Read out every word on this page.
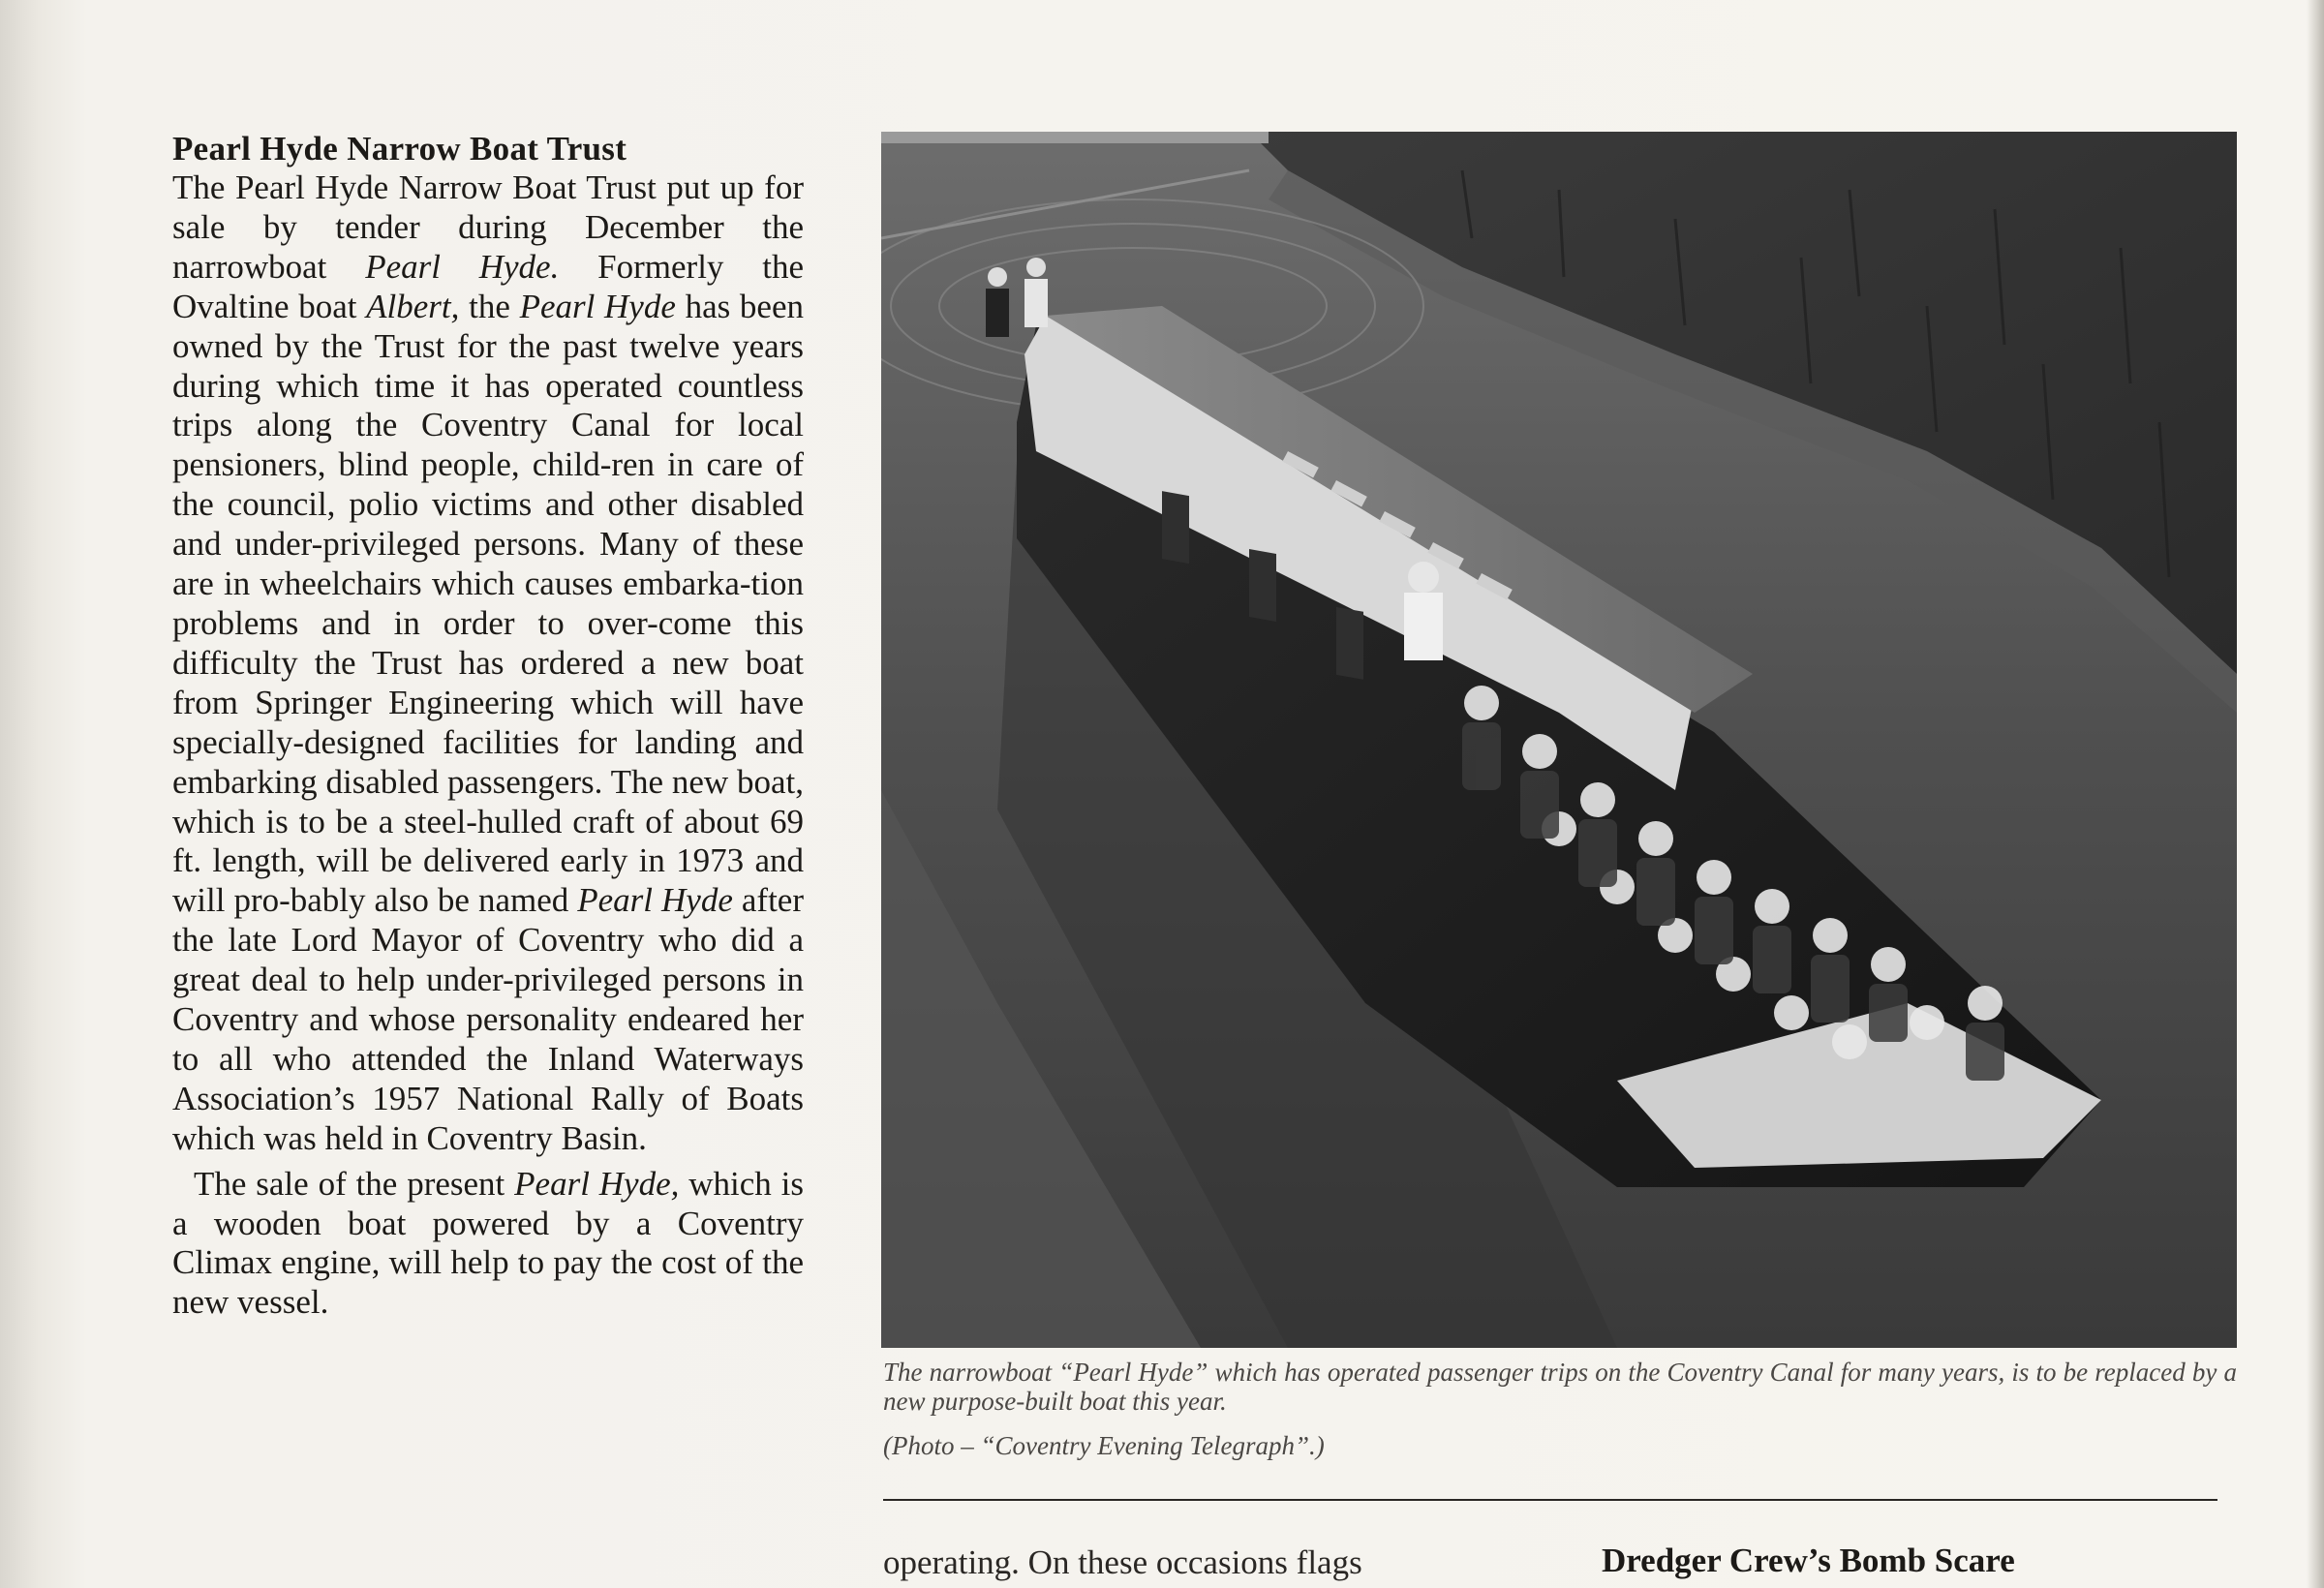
Pearl Hyde Narrow Boat Trust

The Pearl Hyde Narrow Boat Trust put up for sale by tender during December the narrowboat Pearl Hyde. Formerly the Ovaltine boat Albert, the Pearl Hyde has been owned by the Trust for the past twelve years during which time it has operated countless trips along the Coventry Canal for local pensioners, blind people, child-ren in care of the council, polio victims and other disabled and under-privileged persons. Many of these are in wheelchairs which causes embarka-tion problems and in order to over-come this difficulty the Trust has ordered a new boat from Springer Engineering which will have specially-designed facilities for landing and embarking disabled passengers. The new boat, which is to be a steel-hulled craft of about 69 ft. length, will be delivered early in 1973 and will pro-bably also be named Pearl Hyde after the late Lord Mayor of Coventry who did a great deal to help under-privileged persons in Coventry and whose personality endeared her to all who attended the Inland Waterways Association’s 1957 National Rally of Boats which was held in Coventry Basin.

The sale of the present Pearl Hyde, which is a wooden boat powered by a Coventry Climax engine, will help to pay the cost of the new vessel.

The narrowboat “Pearl Hyde” which has operated passenger trips on the Coventry Canal for many years, is to be replaced by a new purpose-built boat this year.

(Photo – “Coventry Evening Telegraph”.)

operating. On these occasions flags	Dredger Crew’s Bomb Scare
